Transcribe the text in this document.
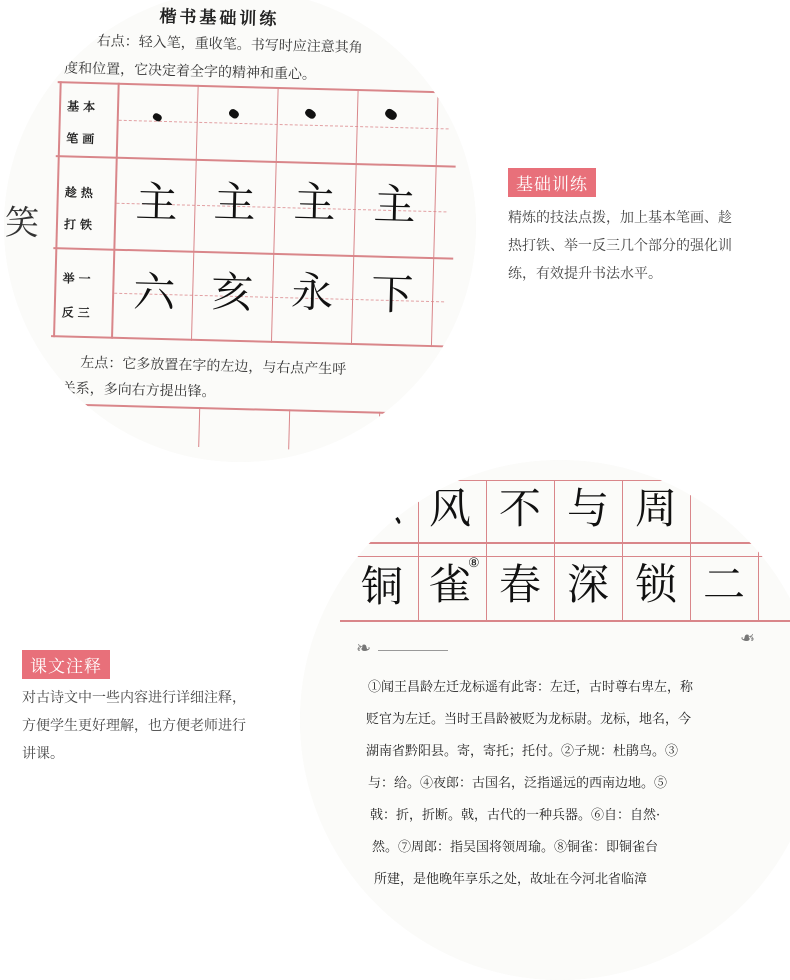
楷书基础训练
右点：轻入笔，重收笔。书写时应注意其角
度和位置，它决定着全字的精神和重心。
基本
笔画
趁热
打铁
举一
反三
主 主 主 主
六 亥 永 下
笑
左点：它多放置在字的左边，与右点产生呼
关系，多向右方提出锋。
基础训练
精炼的技法点拨，加上基本笔画、趁
热打铁、举一反三几个部分的强化训
练，有效提升书法水平。
东 风 不 与 周
铜 雀
⑧ 春 深 锁 二
❧	❧
①闻王昌龄左迁龙标遥有此寄：左迁，古时尊右卑左，称
贬官为左迁。当时王昌龄被贬为龙标尉。龙标，地名，今
湖南省黔阳县。寄，寄托；托付。②子规：杜鹃鸟。③
与：给。④夜郎：古国名，泛指遥远的西南边地。⑤
戟：折，折断。戟，古代的一种兵器。⑥自：自然·
然。⑦周郎：指吴国将领周瑜。⑧铜雀：即铜雀台
所建，是他晚年享乐之处，故址在今河北省临漳
课文注释
对古诗文中一些内容进行详细注释，
方便学生更好理解，也方便老师进行
讲课。
